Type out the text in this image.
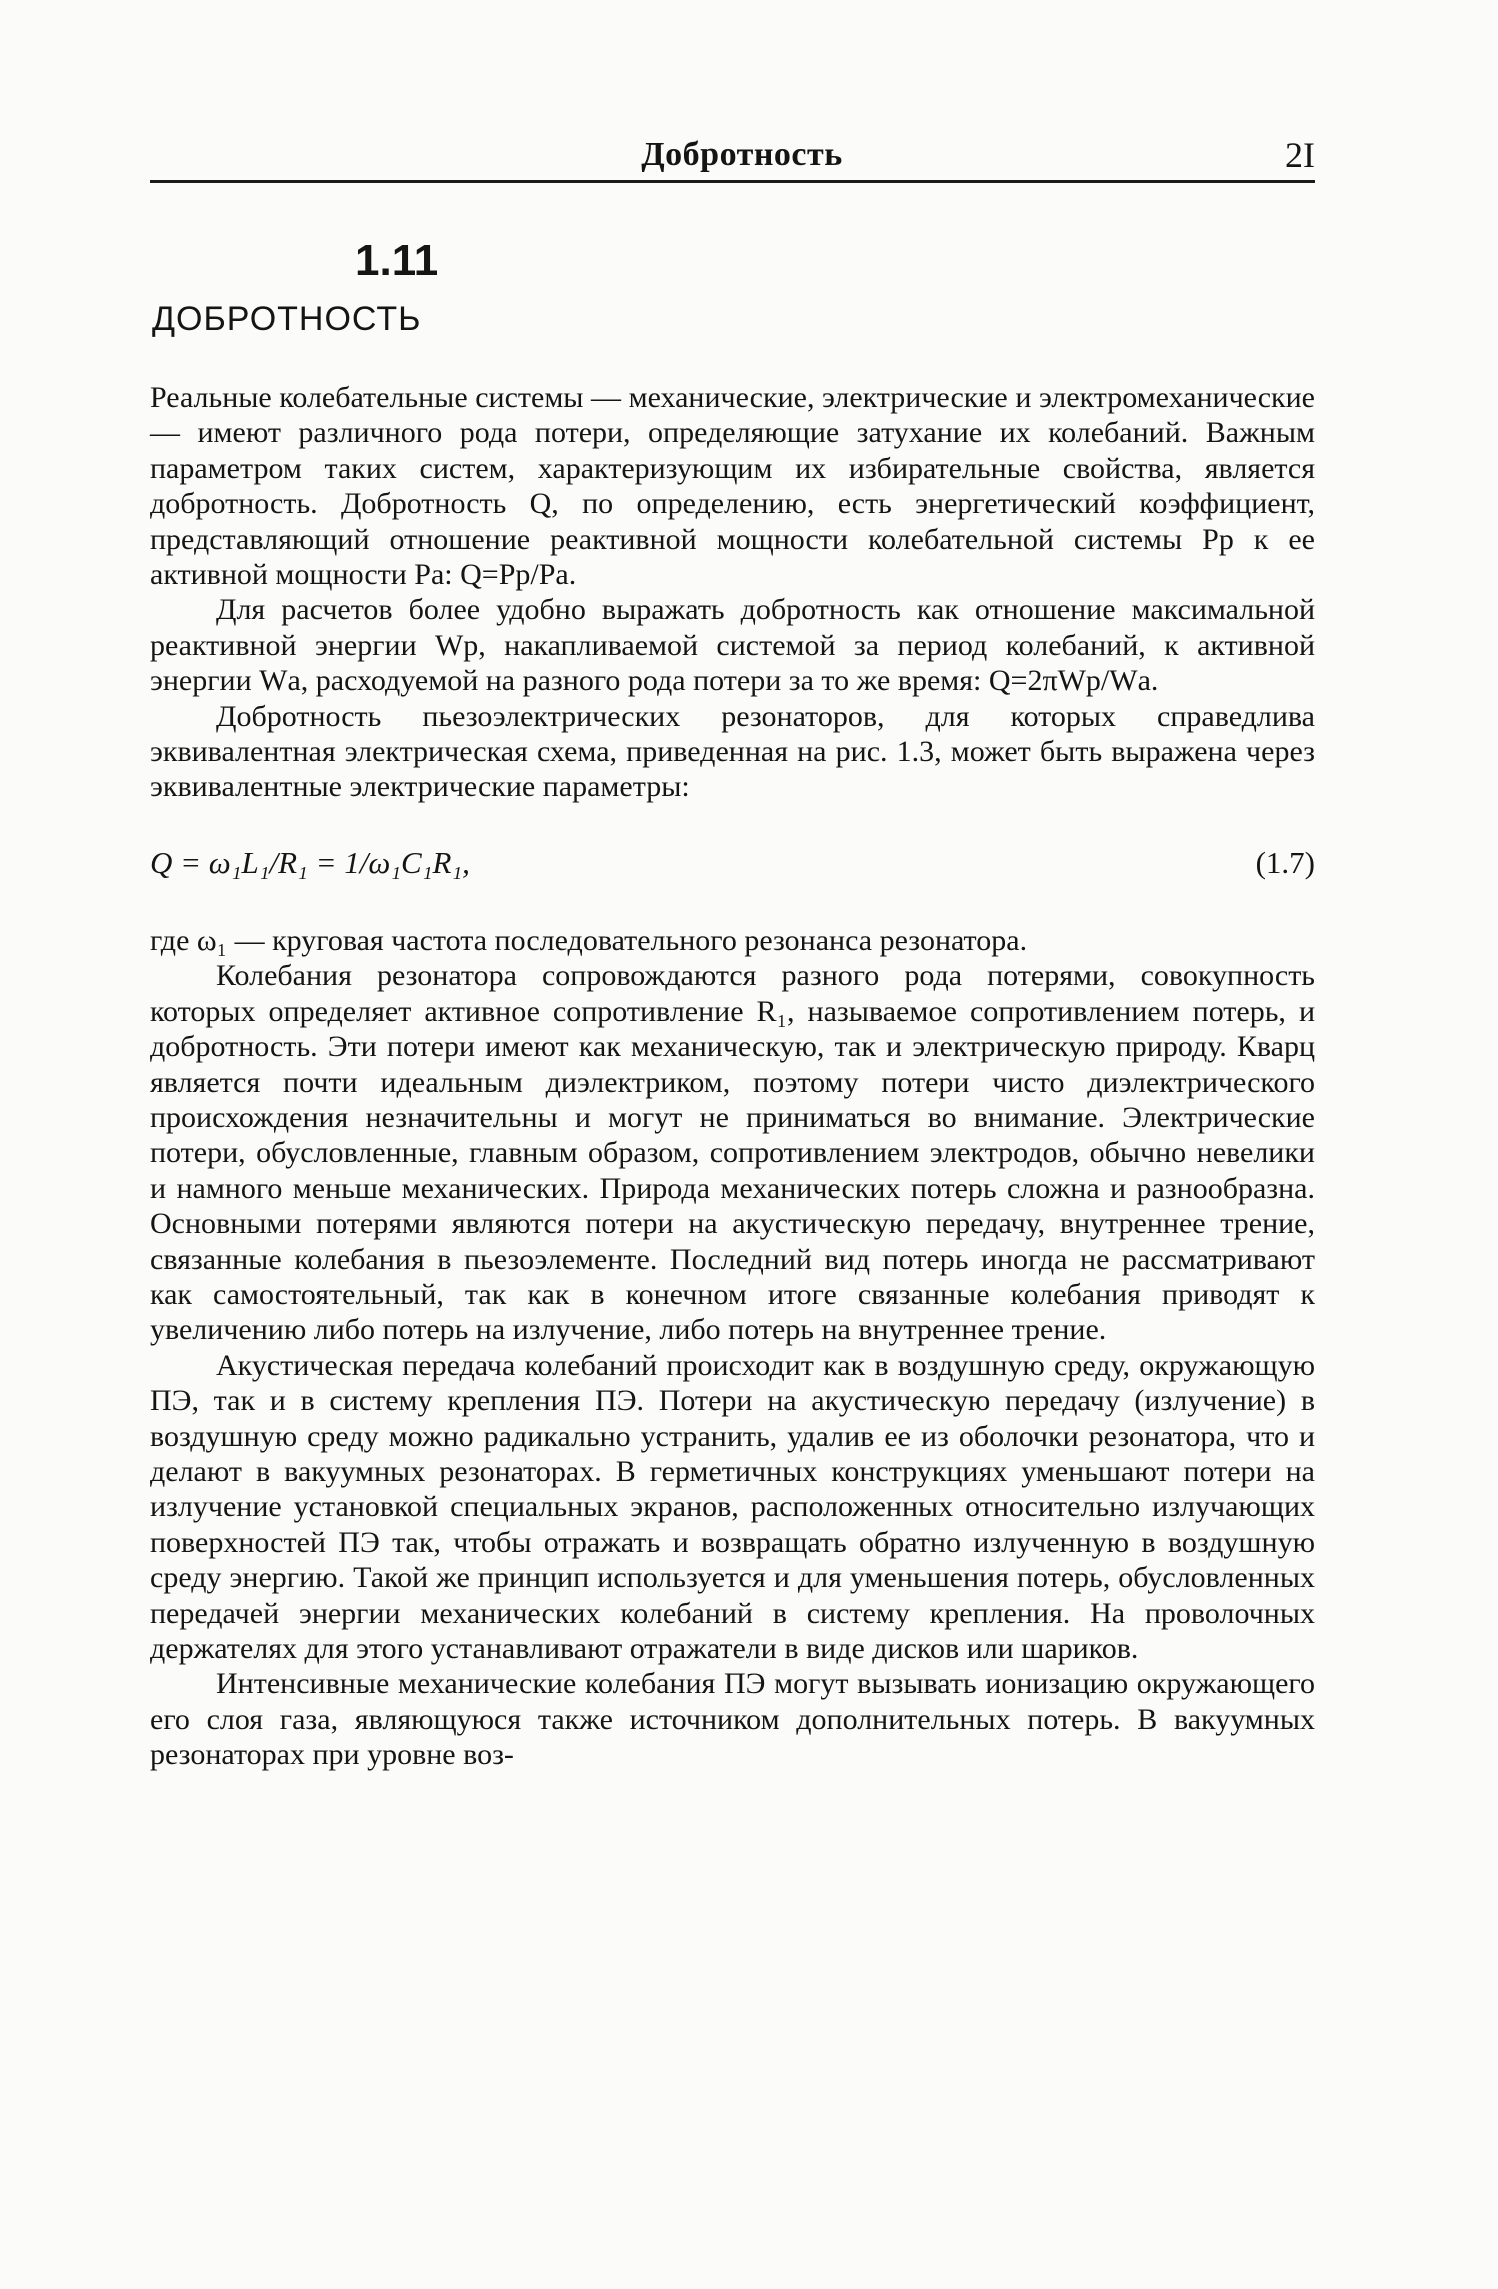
Добротность	2I
1.11
ДОБРОТНОСТЬ

Реальные колебательные системы — механические, электрические и электромеханические — имеют различного рода потери, определяющие затухание их колебаний. Важным параметром таких систем, характеризующим их избирательные свойства, является добротность. Добротность Q, по определению, есть энергетический коэффициент, представляющий отношение реактивной мощности колебательной системы Pр к ее активной мощности Pа: Q=Pр/Pа.

Для расчетов более удобно выражать добротность как отношение максимальной реактивной энергии Wр, накапливаемой системой за период колебаний, к активной энергии Wа, расходуемой на разного рода потери за то же время: Q=2πWр/Wа.

Добротность пьезоэлектрических резонаторов, для которых справедлива эквивалентная электрическая схема, приведенная на рис. 1.3, может быть выражена через эквивалентные электрические параметры:

Q = ω₁L₁/R₁ = 1/ω₁C₁R₁,	(1.7)

где ω₁ — круговая частота последовательного резонанса резонатора.

Колебания резонатора сопровождаются разного рода потерями, совокупность которых определяет активное сопротивление R₁, называемое сопротивлением потерь, и добротность. Эти потери имеют как механическую, так и электрическую природу. Кварц является почти идеальным диэлектриком, поэтому потери чисто диэлектрического происхождения незначительны и могут не приниматься во внимание. Электрические потери, обусловленные, главным образом, сопротивлением электродов, обычно невелики и намного меньше механических. Природа механических потерь сложна и разнообразна. Основными потерями являются потери на акустическую передачу, внутреннее трение, связанные колебания в пьезоэлементе. Последний вид потерь иногда не рассматривают как самостоятельный, так как в конечном итоге связанные колебания приводят к увеличению либо потерь на излучение, либо потерь на внутреннее трение.

Акустическая передача колебаний происходит как в воздушную среду, окружающую ПЭ, так и в систему крепления ПЭ. Потери на акустическую передачу (излучение) в воздушную среду можно радикально устранить, удалив ее из оболочки резонатора, что и делают в вакуумных резонаторах. В герметичных конструкциях уменьшают потери на излучение установкой специальных экранов, расположенных относительно излучающих поверхностей ПЭ так, чтобы отражать и возвращать обратно излученную в воздушную среду энергию. Такой же принцип используется и для уменьшения потерь, обусловленных передачей энергии механических колебаний в систему крепления. На проволочных держателях для этого устанавливают отражатели в виде дисков или шариков.

Интенсивные механические колебания ПЭ могут вызывать ионизацию окружающего его слоя газа, являющуюся также источником дополнительных потерь. В вакуумных резонаторах при уровне воз-
